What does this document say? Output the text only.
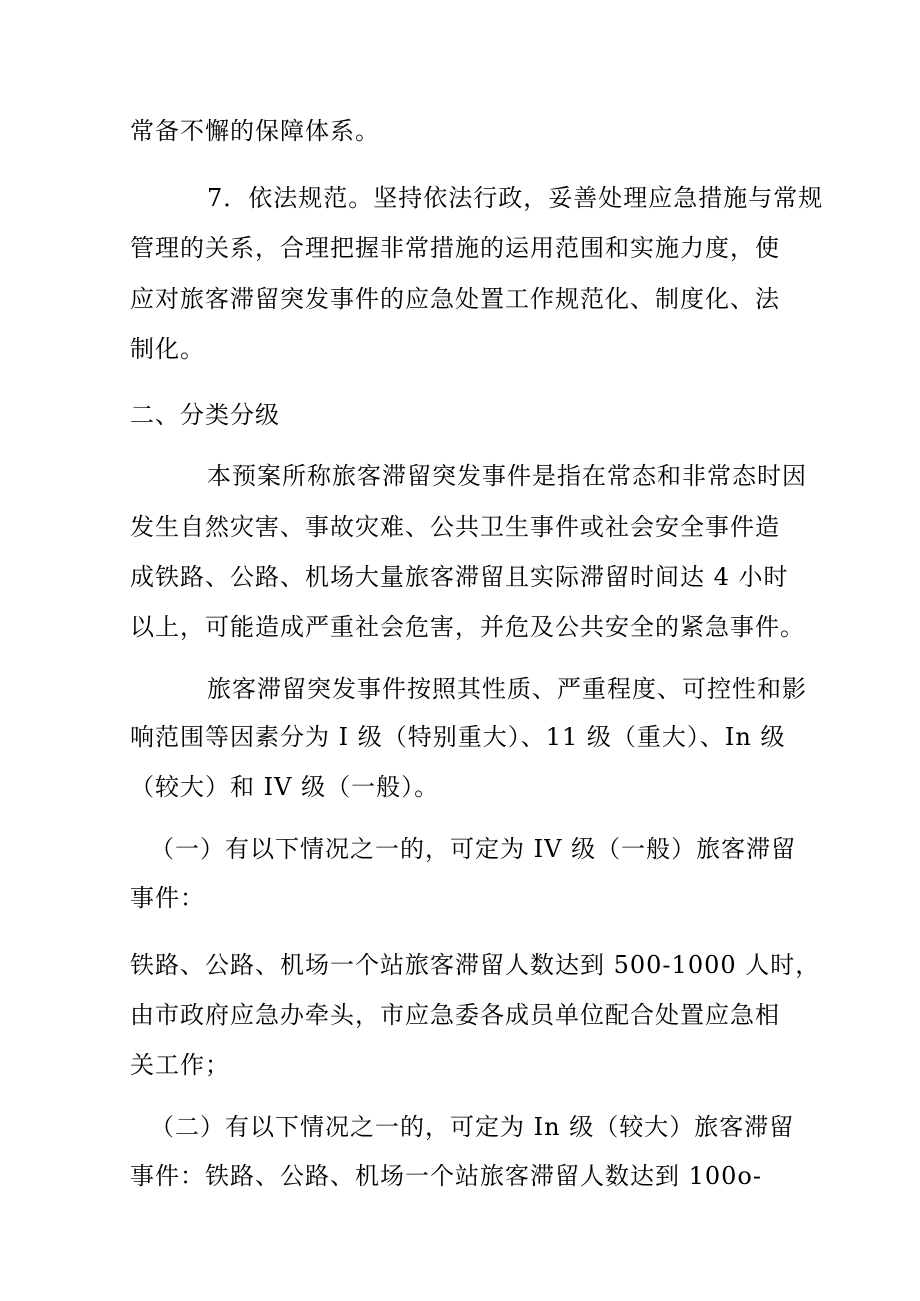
常备不懈的保障体系。
7．依法规范。坚持依法行政，妥善处理应急措施与常规
管理的关系，合理把握非常措施的运用范围和实施力度，使
应对旅客滞留突发事件的应急处置工作规范化、制度化、法
制化。
二、分类分级
本预案所称旅客滞留突发事件是指在常态和非常态时因
发生自然灾害、事故灾难、公共卫生事件或社会安全事件造
成铁路、公路、机场大量旅客滞留且实际滞留时间达 4 小时
以上，可能造成严重社会危害，并危及公共安全的紧急事件。
旅客滞留突发事件按照其性质、严重程度、可控性和影
响范围等因素分为 I 级（特别重大）、11 级（重大）、In 级
（较大）和 IV 级（一般）。
（一）有以下情况之一的，可定为 IV 级（一般）旅客滞留
事件：
铁路、公路、机场一个站旅客滞留人数达到 500-1000 人时，
由市政府应急办牵头，市应急委各成员单位配合处置应急相
关工作；
（二）有以下情况之一的，可定为 In 级（较大）旅客滞留
事件：铁路、公路、机场一个站旅客滞留人数达到 100o-
